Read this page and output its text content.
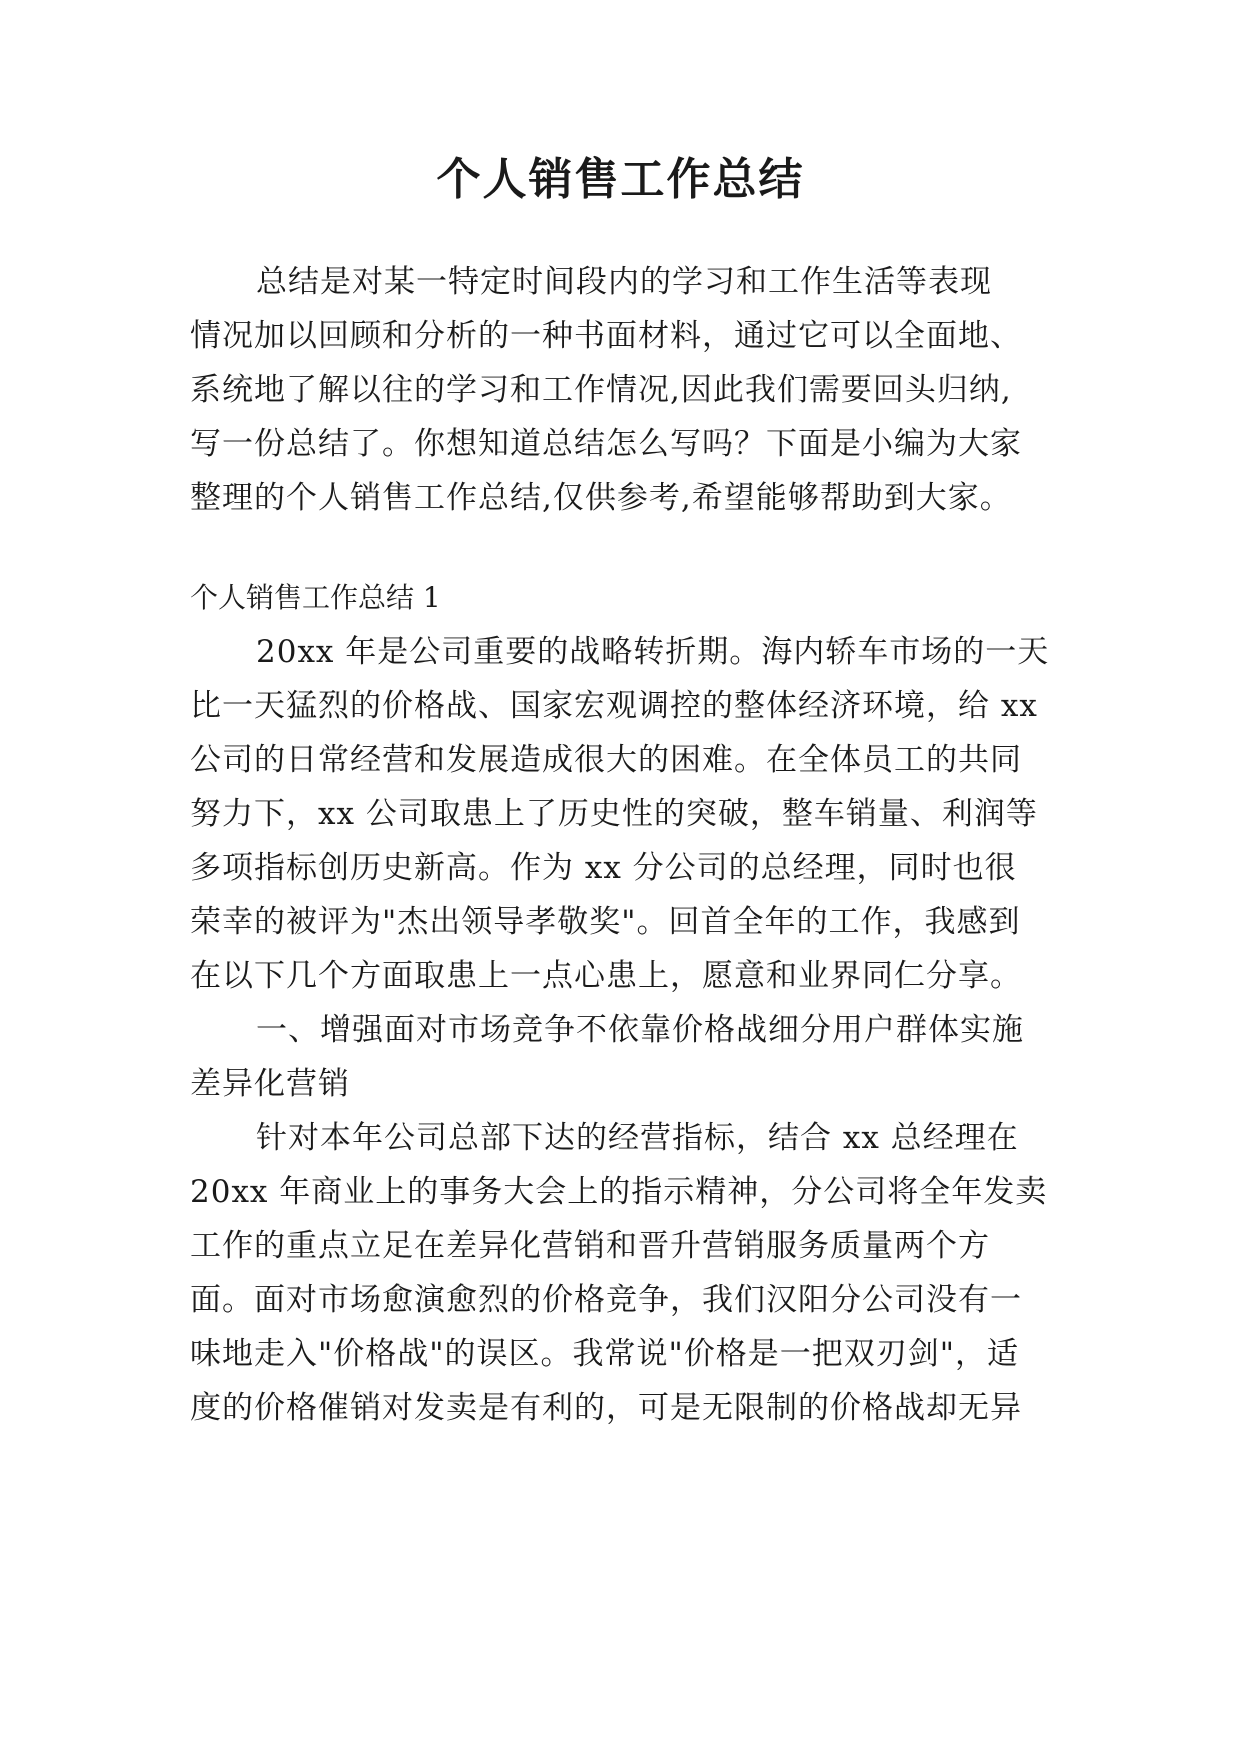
个人销售工作总结
总结是对某一特定时间段内的学习和工作生活等表现
情况加以回顾和分析的一种书面材料，通过它可以全面地、
系统地了解以往的学习和工作情况,因此我们需要回头归纳,
写一份总结了。你想知道总结怎么写吗？下面是小编为大家
整理的个人销售工作总结,仅供参考,希望能够帮助到大家。
个人销售工作总结 1
20xx 年是公司重要的战略转折期。海内轿车市场的一天
比一天猛烈的价格战、国家宏观调控的整体经济环境，给 xx
公司的日常经营和发展造成很大的困难。在全体员工的共同
努力下，xx 公司取患上了历史性的突破，整车销量、利润等
多项指标创历史新高。作为 xx 分公司的总经理，同时也很
荣幸的被评为"杰出领导孝敬奖"。回首全年的工作，我感到
在以下几个方面取患上一点心患上，愿意和业界同仁分享。
一、增强面对市场竞争不依靠价格战细分用户群体实施
差异化营销
针对本年公司总部下达的经营指标，结合 xx 总经理在
20xx 年商业上的事务大会上的指示精神，分公司将全年发卖
工作的重点立足在差异化营销和晋升营销服务质量两个方
面。面对市场愈演愈烈的价格竞争，我们汉阳分公司没有一
味地走入"价格战"的误区。我常说"价格是一把双刃剑"，适
度的价格催销对发卖是有利的，可是无限制的价格战却无异
